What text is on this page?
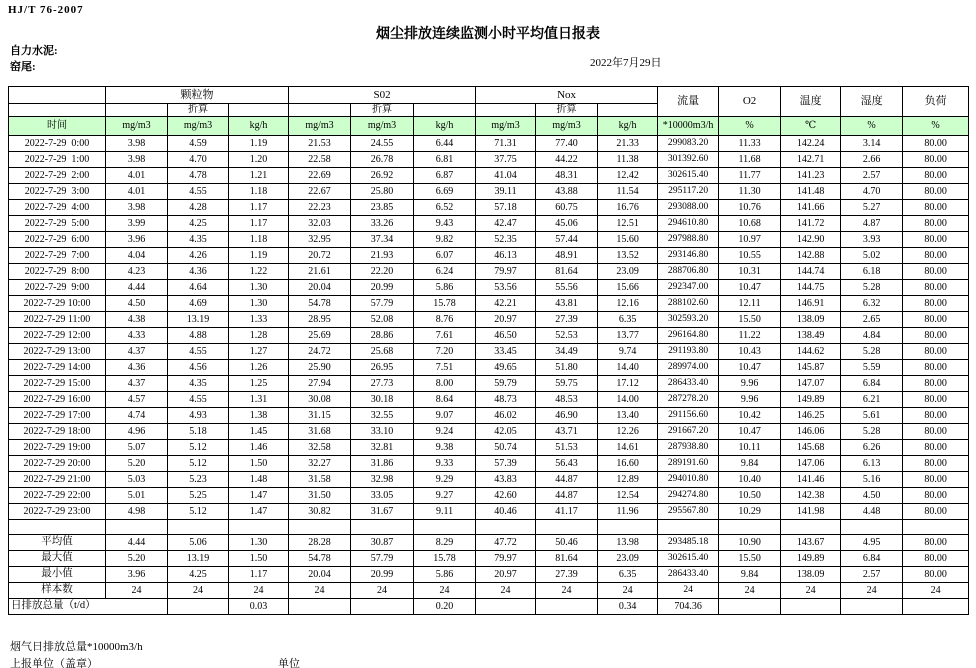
HJ/T 76-2007
烟尘排放连续监测小时平均值日报表
自力水泥:
窑尾:	2022年7月29日
	颗粒物			S02			Nox			流量	O2	温度	湿度	负荷
		折算			折算			折算						
时间	mg/m3	mg/m3	kg/h	mg/m3	mg/m3	kg/h	mg/m3	mg/m3	kg/h	*10000m3/h	%	℃	%	%
2022-7-29  0:00	3.98	4.59	1.19	21.53	24.55	6.44	71.31	77.40	21.33	299083.20	11.33	142.24	3.14	80.00
2022-7-29  1:00	3.98	4.70	1.20	22.58	26.78	6.81	37.75	44.22	11.38	301392.60	11.68	142.71	2.66	80.00
2022-7-29  2:00	4.01	4.78	1.21	22.69	26.92	6.87	41.04	48.31	12.42	302615.40	11.77	141.23	2.57	80.00
2022-7-29  3:00	4.01	4.55	1.18	22.67	25.80	6.69	39.11	43.88	11.54	295117.20	11.30	141.48	4.70	80.00
2022-7-29  4:00	3.98	4.28	1.17	22.23	23.85	6.52	57.18	60.75	16.76	293088.00	10.76	141.66	5.27	80.00
2022-7-29  5:00	3.99	4.25	1.17	32.03	33.26	9.43	42.47	45.06	12.51	294610.80	10.68	141.72	4.87	80.00
2022-7-29  6:00	3.96	4.35	1.18	32.95	37.34	9.82	52.35	57.44	15.60	297988.80	10.97	142.90	3.93	80.00
2022-7-29  7:00	4.04	4.26	1.19	20.72	21.93	6.07	46.13	48.91	13.52	293146.80	10.55	142.88	5.02	80.00
2022-7-29  8:00	4.23	4.36	1.22	21.61	22.20	6.24	79.97	81.64	23.09	288706.80	10.31	144.74	6.18	80.00
2022-7-29  9:00	4.44	4.64	1.30	20.04	20.99	5.86	53.56	55.56	15.66	292347.00	10.47	144.75	5.28	80.00
2022-7-29 10:00	4.50	4.69	1.30	54.78	57.79	15.78	42.21	43.81	12.16	288102.60	12.11	146.91	6.32	80.00
2022-7-29 11:00	4.38	13.19	1.33	28.95	52.08	8.76	20.97	27.39	6.35	302593.20	15.50	138.09	2.65	80.00
2022-7-29 12:00	4.33	4.88	1.28	25.69	28.86	7.61	46.50	52.53	13.77	296164.80	11.22	138.49	4.84	80.00
2022-7-29 13:00	4.37	4.55	1.27	24.72	25.68	7.20	33.45	34.49	9.74	291193.80	10.43	144.62	5.28	80.00
2022-7-29 14:00	4.36	4.56	1.26	25.90	26.95	7.51	49.65	51.80	14.40	289974.00	10.47	145.87	5.59	80.00
2022-7-29 15:00	4.37	4.35	1.25	27.94	27.73	8.00	59.79	59.75	17.12	286433.40	9.96	147.07	6.84	80.00
2022-7-29 16:00	4.57	4.55	1.31	30.08	30.18	8.64	48.73	48.53	14.00	287278.20	9.96	149.89	6.21	80.00
2022-7-29 17:00	4.74	4.93	1.38	31.15	32.55	9.07	46.02	46.90	13.40	291156.60	10.42	146.25	5.61	80.00
2022-7-29 18:00	4.96	5.18	1.45	31.68	33.10	9.24	42.05	43.71	12.26	291667.20	10.47	146.06	5.28	80.00
2022-7-29 19:00	5.07	5.12	1.46	32.58	32.81	9.38	50.74	51.53	14.61	287938.80	10.11	145.68	6.26	80.00
2022-7-29 20:00	5.20	5.12	1.50	32.27	31.86	9.33	57.39	56.43	16.60	289191.60	9.84	147.06	6.13	80.00
2022-7-29 21:00	5.03	5.23	1.48	31.58	32.98	9.29	43.83	44.87	12.89	294010.80	10.40	141.46	5.16	80.00
2022-7-29 22:00	5.01	5.25	1.47	31.50	33.05	9.27	42.60	44.87	12.54	294274.80	10.50	142.38	4.50	80.00
2022-7-29 23:00	4.98	5.12	1.47	30.82	31.67	9.11	40.46	41.17	11.96	295567.80	10.29	141.98	4.48	80.00

平均值	4.44	5.06	1.30	28.28	30.87	8.29	47.72	50.46	13.98	293485.18	10.90	143.67	4.95	80.00
最大值	5.20	13.19	1.50	54.78	57.79	15.78	79.97	81.64	23.09	302615.40	15.50	149.89	6.84	80.00
最小值	3.96	4.25	1.17	20.04	20.99	5.86	20.97	27.39	6.35	286433.40	9.84	138.09	2.57	80.00
样本数	24	24	24	24	24	24	24	24	24	24	24	24	24	24
日排放总量（t/d）			0.03			0.20			0.34	704.36				
烟气日排放总量*10000m3/h
上报单位（盖章）	单位
